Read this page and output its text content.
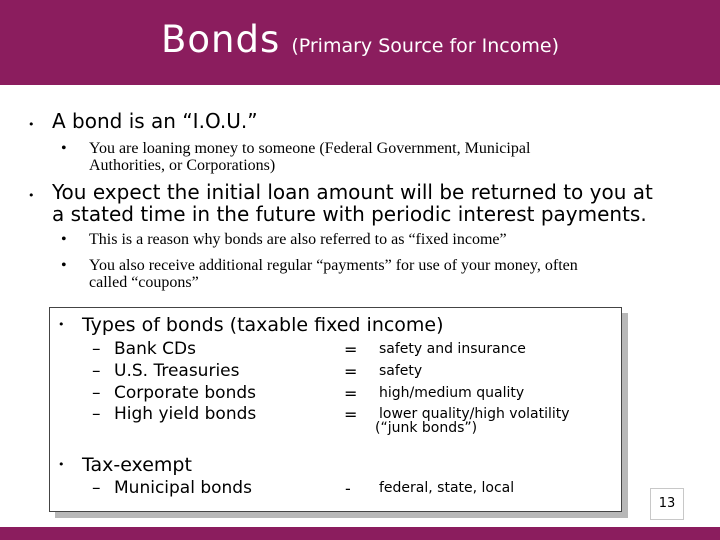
Bonds (Primary Source for Income)
• A bond is an “I.O.U.”
• You are loaning money to someone (Federal Government, Municipal
Authorities, or Corporations)
• You expect the initial loan amount will be returned to you at
a stated time in the future with periodic interest payments.
• This is a reason why bonds are also referred to as “fixed income”
• You also receive additional regular “payments” for use of your money, often
called “coupons”
• Types of bonds (taxable fixed income)
– Bank CDs	= safety and insurance
– U.S. Treasuries	= safety
– Corporate bonds	= high/medium quality
– High yield bonds	= lower quality/high volatility
(“junk bonds”)
• Tax-exempt
– Municipal bonds	- federal, state, local
13
